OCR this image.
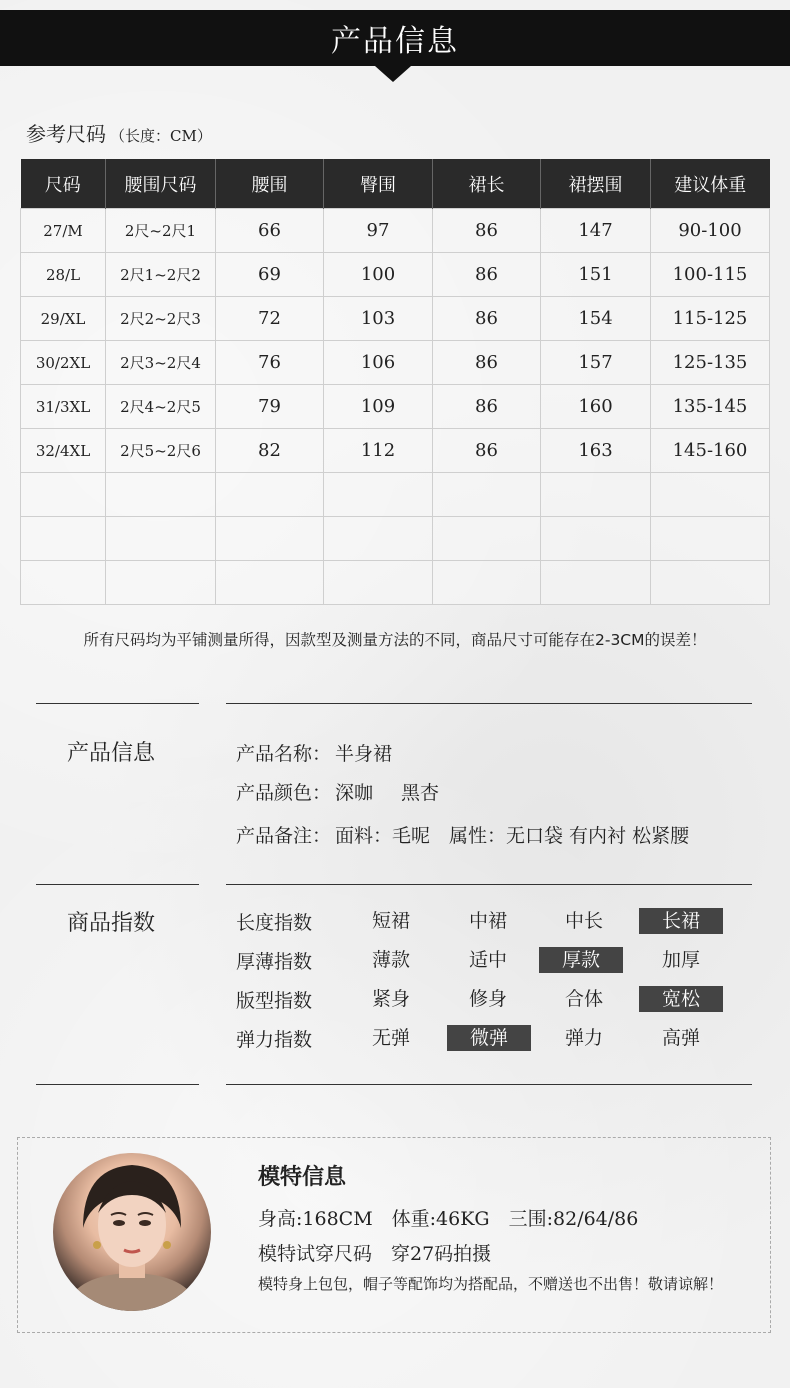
产品信息
参考尺码 （长度：CM）
尺码	腰围尺码	腰围	臀围	裙长	裙摆围	建议体重
27/M	2尺~2尺1	66	97	86	147	90-100
28/L	2尺1~2尺2	69	100	86	151	100-115
29/XL	2尺2~2尺3	72	103	86	154	115-125
30/2XL	2尺3~2尺4	76	106	86	157	125-135
31/3XL	2尺4~2尺5	79	109	86	160	135-145
32/4XL	2尺5~2尺6	82	112	86	163	145-160

所有尺码均为平铺测量所得，因款型及测量方法的不同，商品尺寸可能存在2-3CM的误差！
产品信息	产品名称： 半身裙
产品颜色： 深咖 黑杏
产品备注： 面料：毛呢　属性：无口袋 有内衬 松紧腰
商品指数	长度指数	短裙	中裙	中长	长裙
厚薄指数	薄款	适中	厚款	加厚
版型指数	紧身	修身	合体	宽松
弹力指数	无弹	微弹	弹力	高弹
模特信息
身高:168CM　体重:46KG　三围:82/64/86
模特试穿尺码　穿27码拍摄
模特身上包包，帽子等配饰均为搭配品，不赠送也不出售！敬请谅解！
